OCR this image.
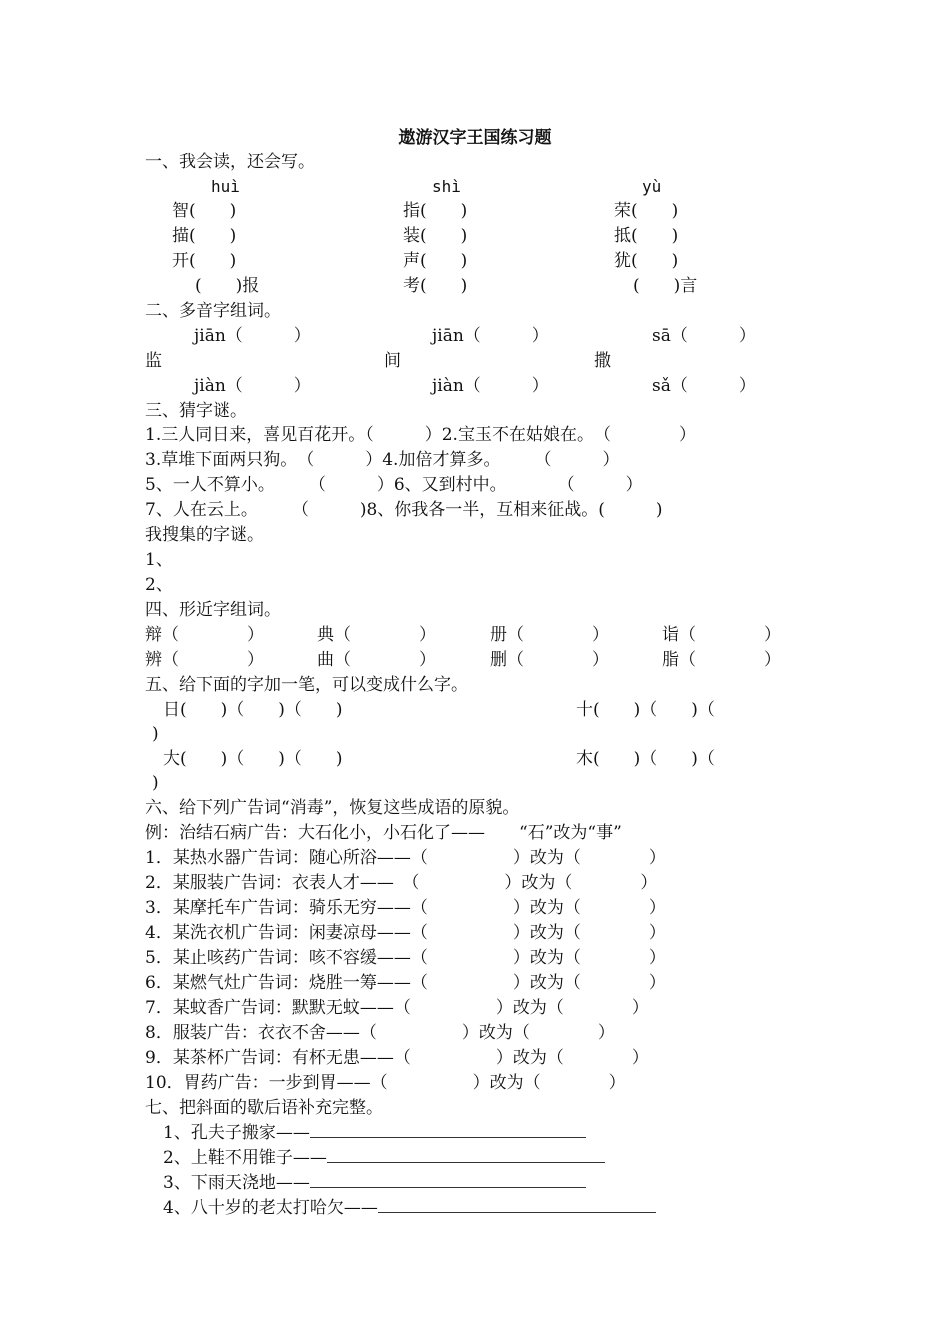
遨游汉字王国练习题
一、我会读，还会写。
huì	shì	yù
智(　　)	指(　　)	荣(　　)
描(　　)	装(　　)	抵(　　)
开(　　)	声(　　)	犹(　　)
(　　)报	考(　　)	(　　)言
二、多音字组词。
jiān（　　　）	jiān（　　　）	sā（　　　）
监	间	撒
jiàn（　　　）	jiàn（　　　）	sǎ（　　　）
三、猜字谜。
1.三人同日来，喜见百花开。（　　　）2.宝玉不在姑娘在。　（　　　　）
3.草堆下面两只狗。　（　　　）4.加倍才算多。　　　（　　　）
5、一人不算小。　　　（　　　）6、又到村中。　　　　（　　　）
7、人在云上。　　　（　　　)8、你我各一半，互相来征战。(　　　)
我搜集的字谜。
1、
2、
四、形近字组词。
辩（　　　　）	典（　　　　）	册（　　　　）	诣（　　　　）
辨（　　　　）	曲（　　　　）	删（　　　　）	脂（　　　　）
五、给下面的字加一笔，可以变成什么字。
日(　　)（　　)（　　)	十(　　)（　　)（
)
大(　　)（　　)（　　)	木(　　)（　　)（
)
六、给下列广告词“消毒”，恢复这些成语的原貌。
例：治结石病广告：大石化小，小石化了——　　“石”改为“事”
1．某热水器广告词：随心所浴——（　　　　　）改为（　　　　）
2．某服装广告词：衣表人才——　（　　　　　）改为（　　　　）
3．某摩托车广告词：骑乐无穷——（　　　　　）改为（　　　　）
4．某洗衣机广告词：闲妻凉母——（　　　　　）改为（　　　　）
5．某止咳药广告词：咳不容缓——（　　　　　）改为（　　　　）
6．某燃气灶广告词：烧胜一筹——（　　　　　）改为（　　　　）
7．某蚊香广告词：默默无蚊——（　　　　　）改为（　　　　）
8．服装广告：衣衣不舍——（　　　　　）改为（　　　　）
9．某茶杯广告词：有杯无患——（　　　　　）改为（　　　　）
10．胃药广告：一步到胃——（　　　　　）改为（　　　　）
七、把斜面的歇后语补充完整。
1、孔夫子搬家——
2、上鞋不用锥子——
3、下雨天浇地——
4、八十岁的老太打哈欠——
